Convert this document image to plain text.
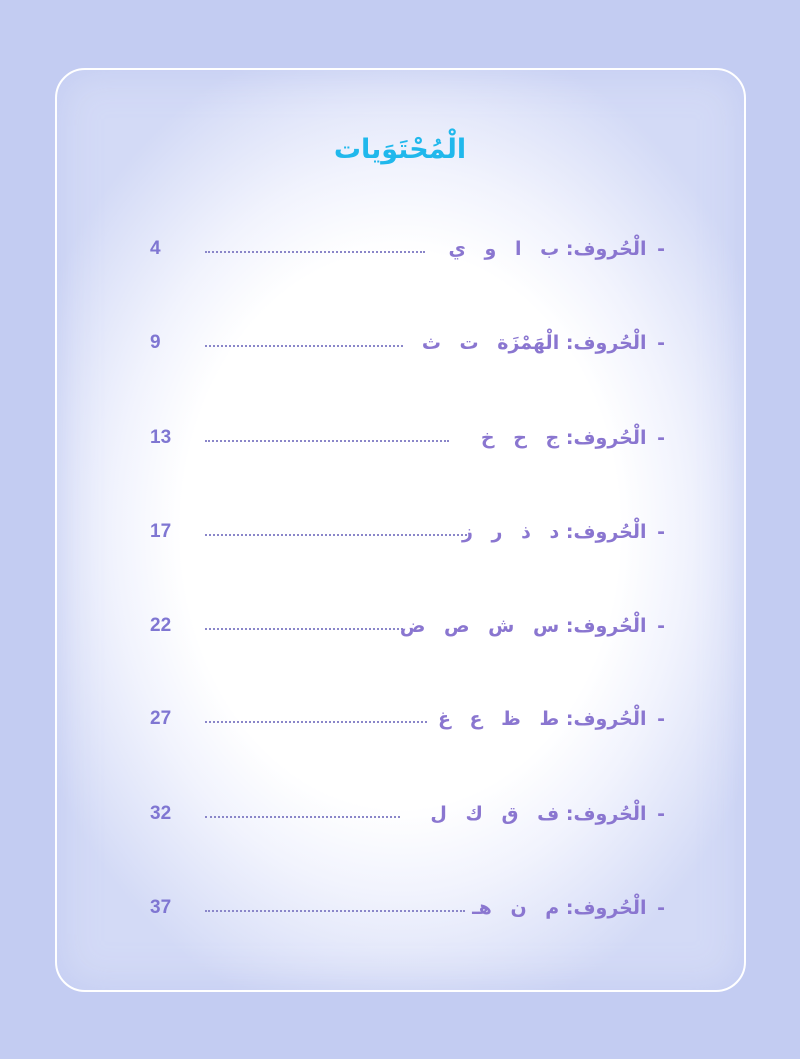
الْمُحْتَوَيات
4	- الْحُروف: ب ا و ي
9	- الْحُروف: الْهَمْزَة ت ث
13	- الْحُروف: ج ح خ
17	- الْحُروف: د ذ ر ز
22	- الْحُروف: س ش ص ض
27	- الْحُروف: ط ظ ع غ
32	- الْحُروف: ف ق ك ل
37	- الْحُروف: م ن هـ
